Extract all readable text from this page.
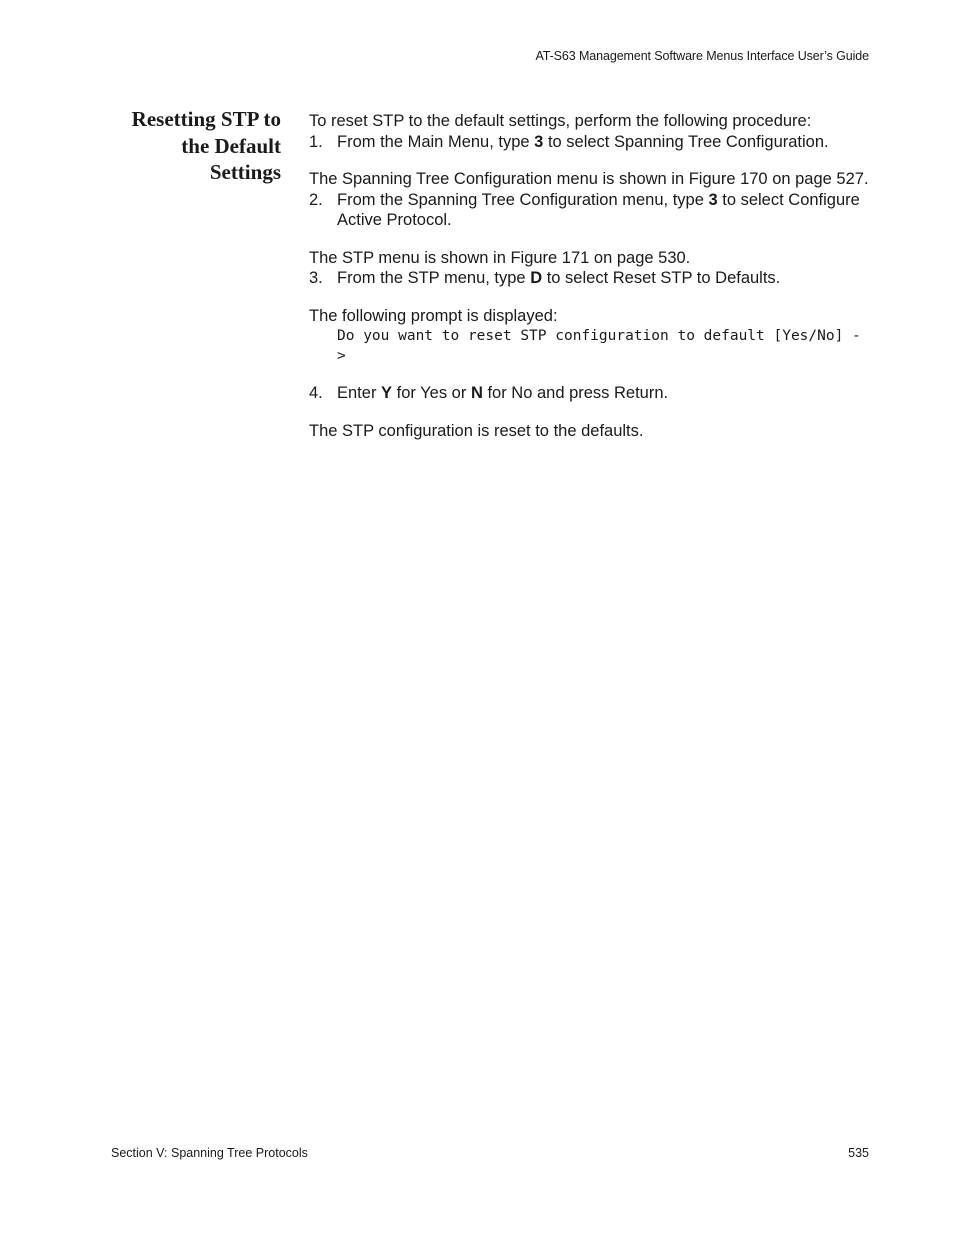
AT-S63 Management Software Menus Interface User’s Guide
Resetting STP to
the Default
Settings

To reset STP to the default settings, perform the following procedure:

1. From the Main Menu, type 3 to select Spanning Tree Configuration.

The Spanning Tree Configuration menu is shown in Figure 170 on page 527.

2. From the Spanning Tree Configuration menu, type 3 to select Configure Active Protocol.

The STP menu is shown in Figure 171 on page 530.

3. From the STP menu, type D to select Reset STP to Defaults.

The following prompt is displayed:

Do you want to reset STP configuration to default [Yes/No] ->
4. Enter Y for Yes or N for No and press Return.

The STP configuration is reset to the defaults.

Section V: Spanning Tree Protocols	535
